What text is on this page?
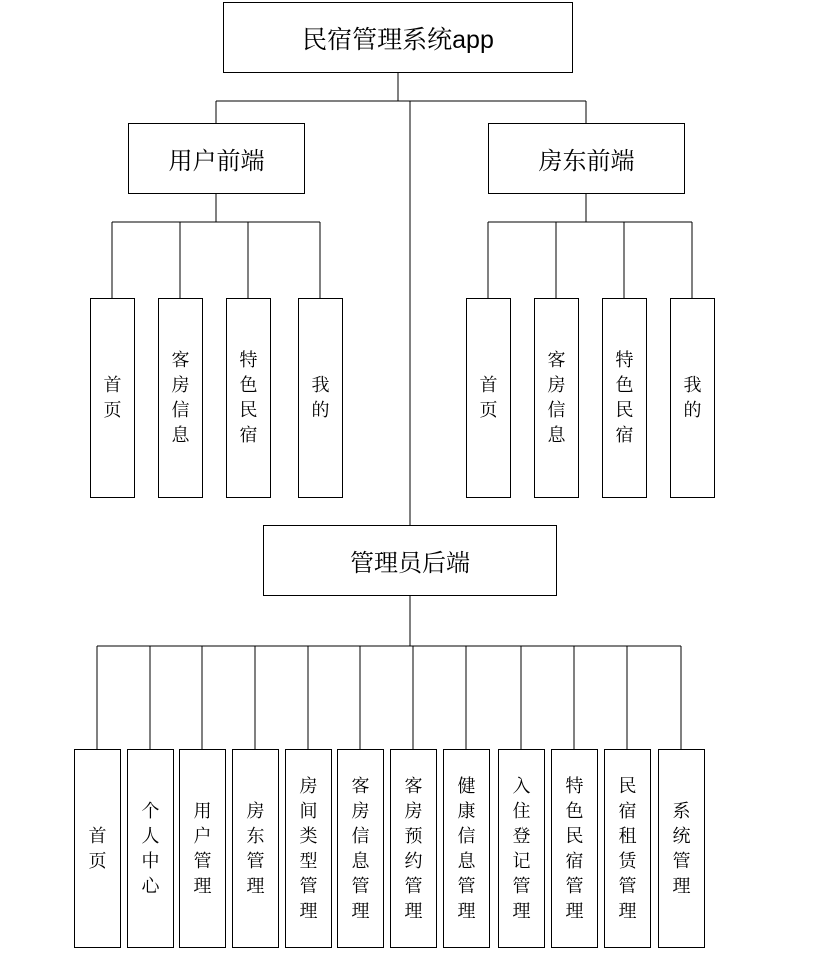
民宿管理系统app
用户前端	房东前端
管理员后端
首
页
客
房
信
息
特
色
民
宿
我
的
首
页
客
房
信
息
特
色
民
宿
我
的
首
页
个
人
中
心
用
户
管
理
房
东
管
理
房
间
类
型
管
理
客
房
信
息
管
理
客
房
预
约
管
理
健
康
信
息
管
理
入
住
登
记
管
理
特
色
民
宿
管
理
民
宿
租
赁
管
理
系
统
管
理
